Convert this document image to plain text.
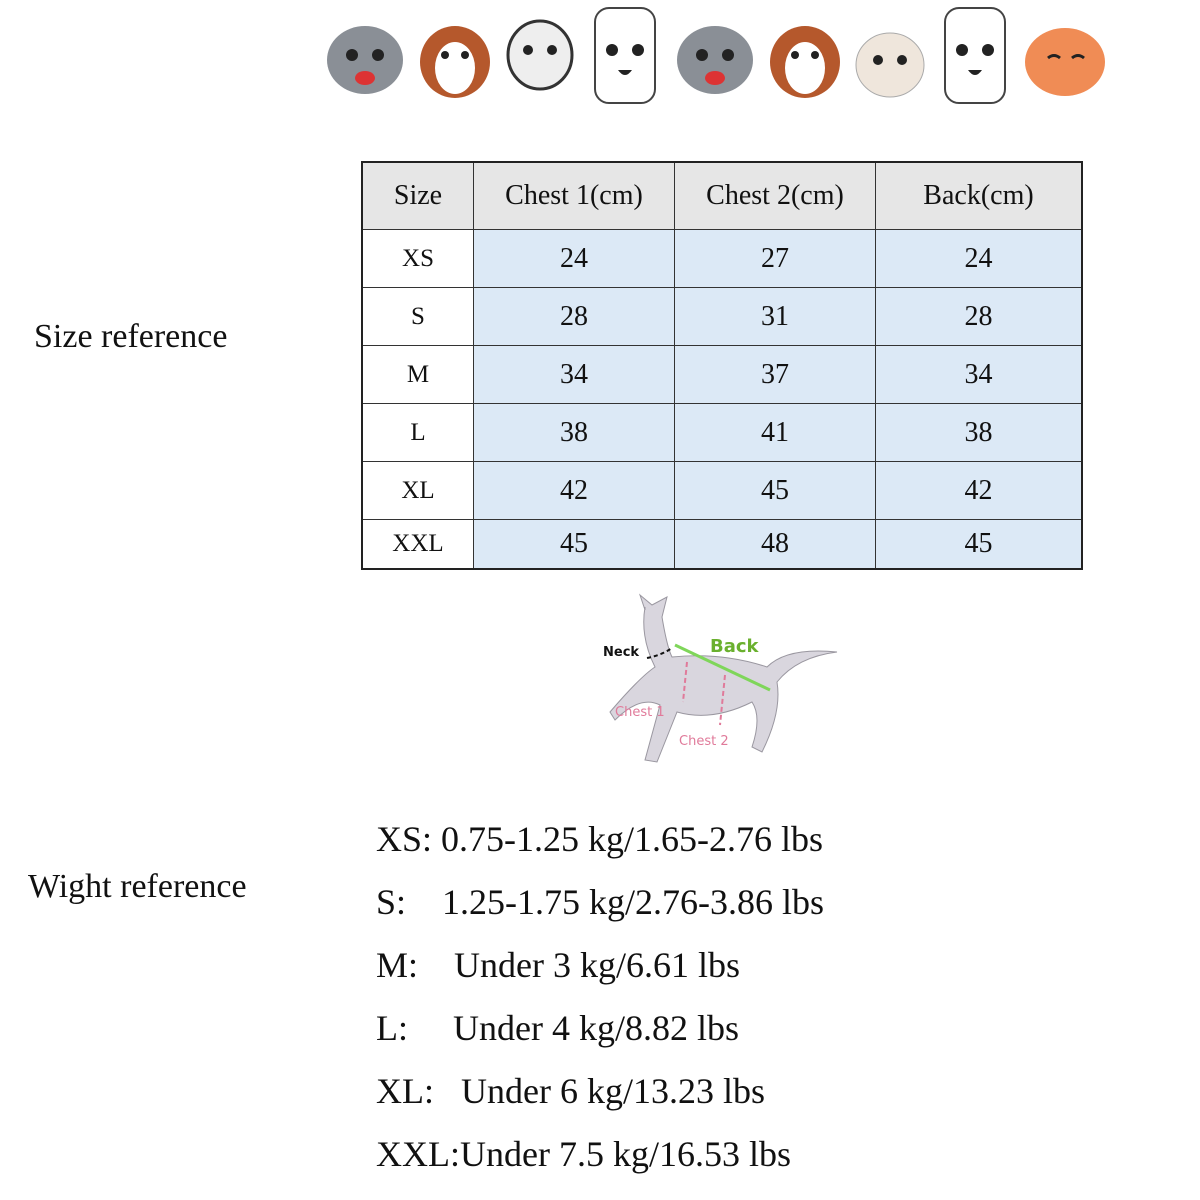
Size reference
Size	Chest 1(cm)	Chest 2(cm)	Back(cm)
XS	24	27	24
S	28	31	28
M	34	37	34
L	38	41	38
XL	42	45	42
XXL	45	48	45
Neck	Back
Chest 1
Chest 2
Wight reference
XS: 0.75-1.25 kg/1.65-2.76 lbs
S:    1.25-1.75 kg/2.76-3.86 lbs
M:    Under 3 kg/6.61 lbs
L:     Under 4 kg/8.82 lbs
XL:   Under 6 kg/13.23 lbs
XXL:Under 7.5 kg/16.53 lbs
